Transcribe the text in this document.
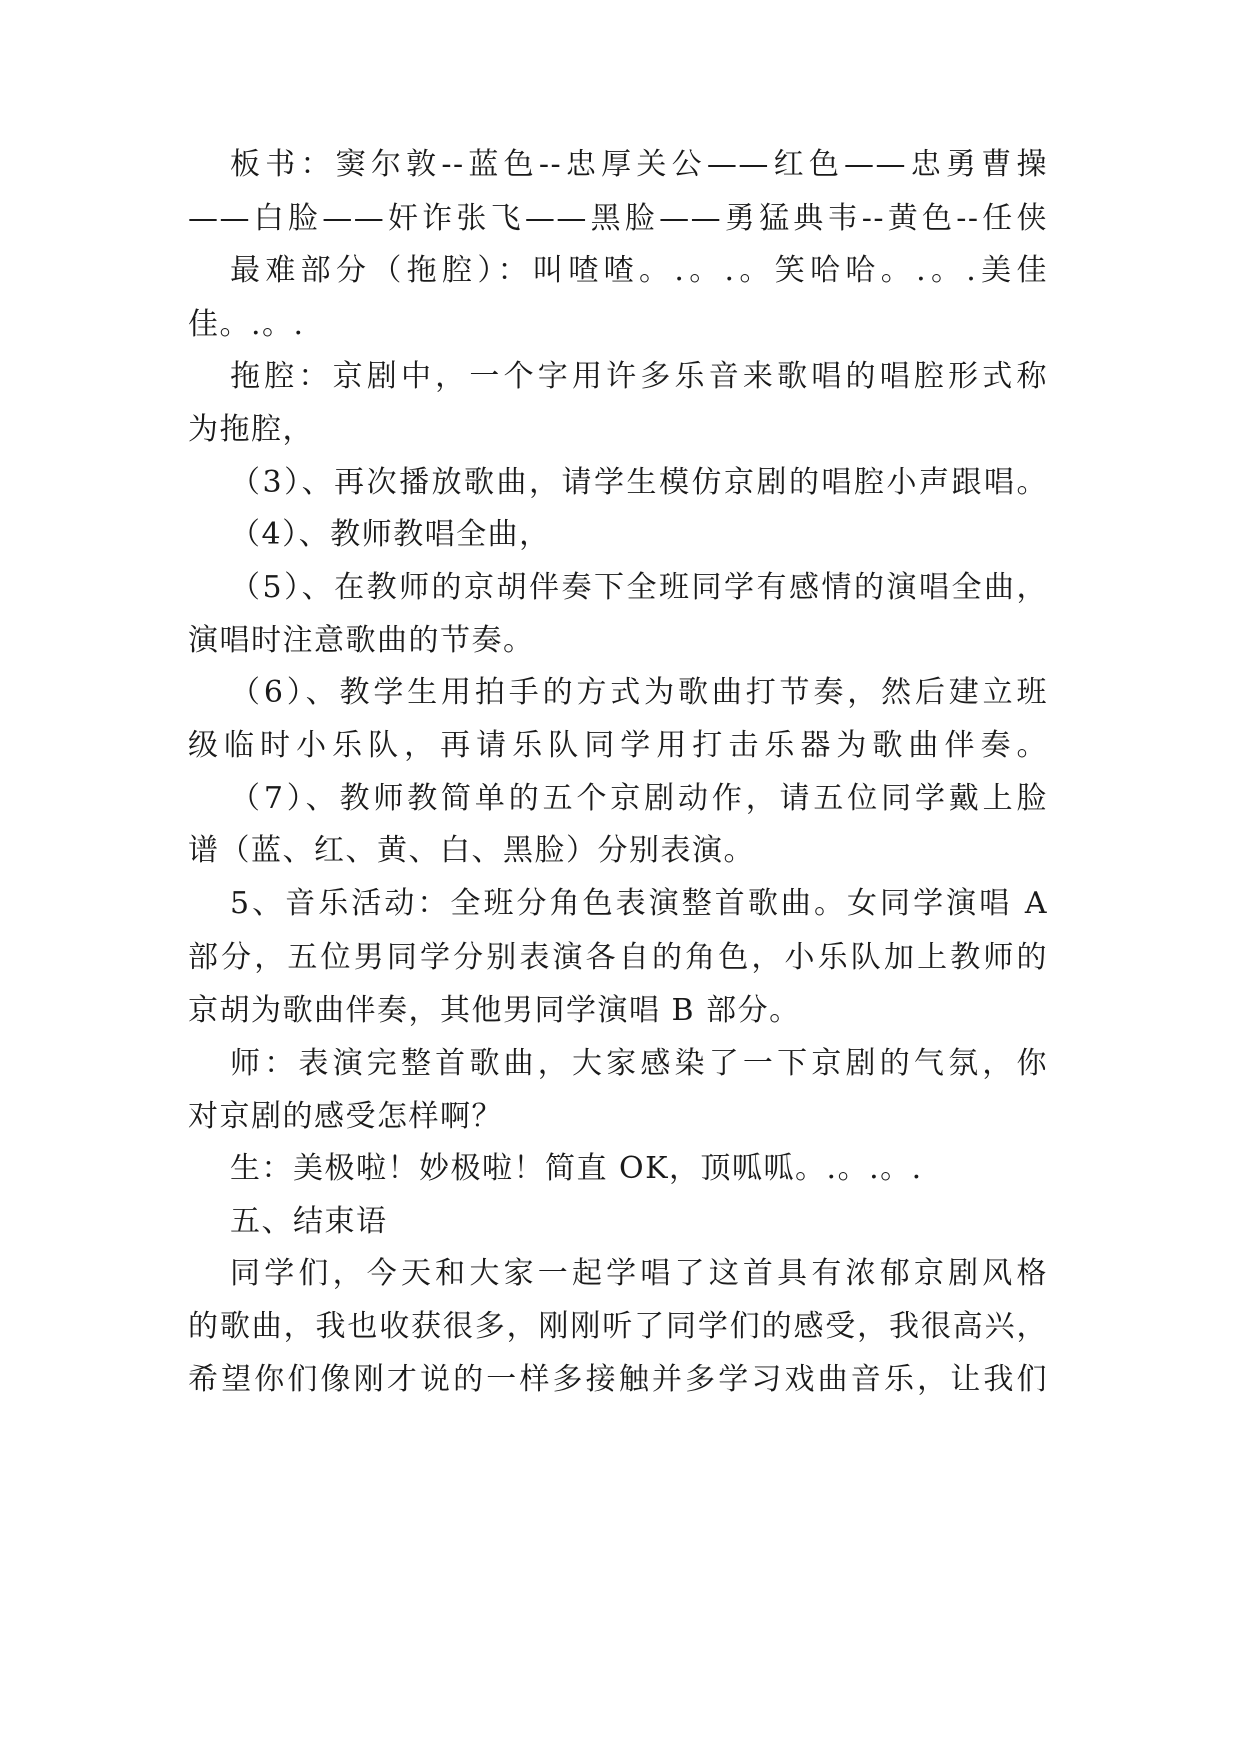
板书：窦尔敦--蓝色--忠厚关公——红色——忠勇曹操
——白脸——奸诈张飞——黑脸——勇猛典韦--黄色--任侠
最难部分（拖腔）：叫喳喳。.。.。笑哈哈。.。.美佳
佳。.。.
拖腔：京剧中，一个字用许多乐音来歌唱的唱腔形式称
为拖腔，
（3）、再次播放歌曲，请学生模仿京剧的唱腔小声跟唱。
（4）、教师教唱全曲，
（5）、在教师的京胡伴奏下全班同学有感情的演唱全曲，
演唱时注意歌曲的节奏。
（6）、教学生用拍手的方式为歌曲打节奏，然后建立班
级临时小乐队，再请乐队同学用打击乐器为歌曲伴奏。
（7）、教师教简单的五个京剧动作，请五位同学戴上脸
谱（蓝、红、黄、白、黑脸）分别表演。
5、音乐活动：全班分角色表演整首歌曲。女同学演唱 A
部分，五位男同学分别表演各自的角色，小乐队加上教师的
京胡为歌曲伴奏，其他男同学演唱 B 部分。
师：表演完整首歌曲，大家感染了一下京剧的气氛，你
对京剧的感受怎样啊？
生：美极啦！妙极啦！简直 OK，顶呱呱。.。.。.
五、结束语
同学们，今天和大家一起学唱了这首具有浓郁京剧风格
的歌曲，我也收获很多，刚刚听了同学们的感受，我很高兴，
希望你们像刚才说的一样多接触并多学习戏曲音乐，让我们
